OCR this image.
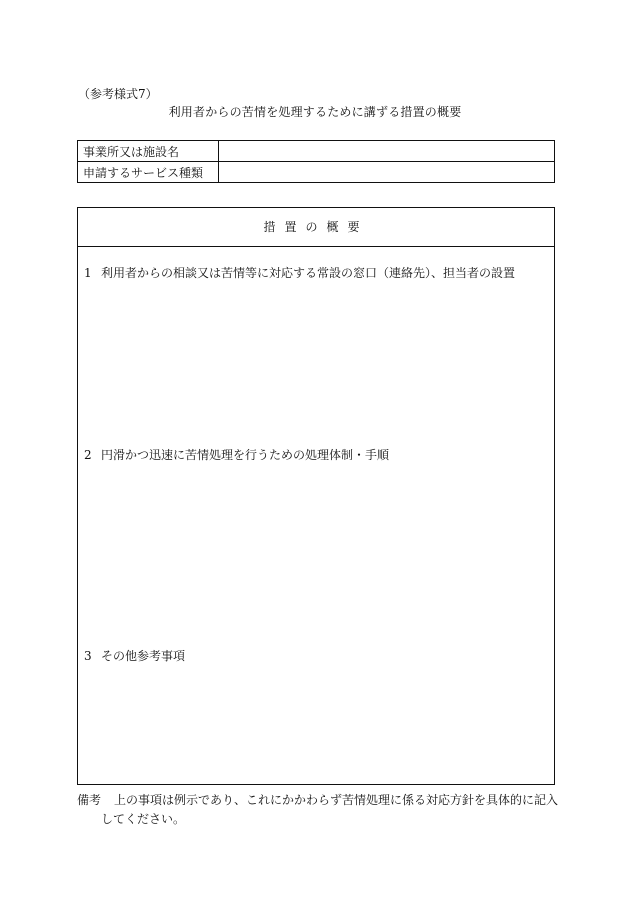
（参考様式7）
利用者からの苦情を処理するために講ずる措置の概要
事業所又は施設名	
申請するサービス種類	
措置の概要
1 利用者からの相談又は苦情等に対応する常設の窓口（連絡先）、担当者の設置
2 円滑かつ迅速に苦情処理を行うための処理体制・手順
3 その他参考事項
備考 上の事項は例示であり、これにかかわらず苦情処理に係る対応方針を具体的に記入
してください。
